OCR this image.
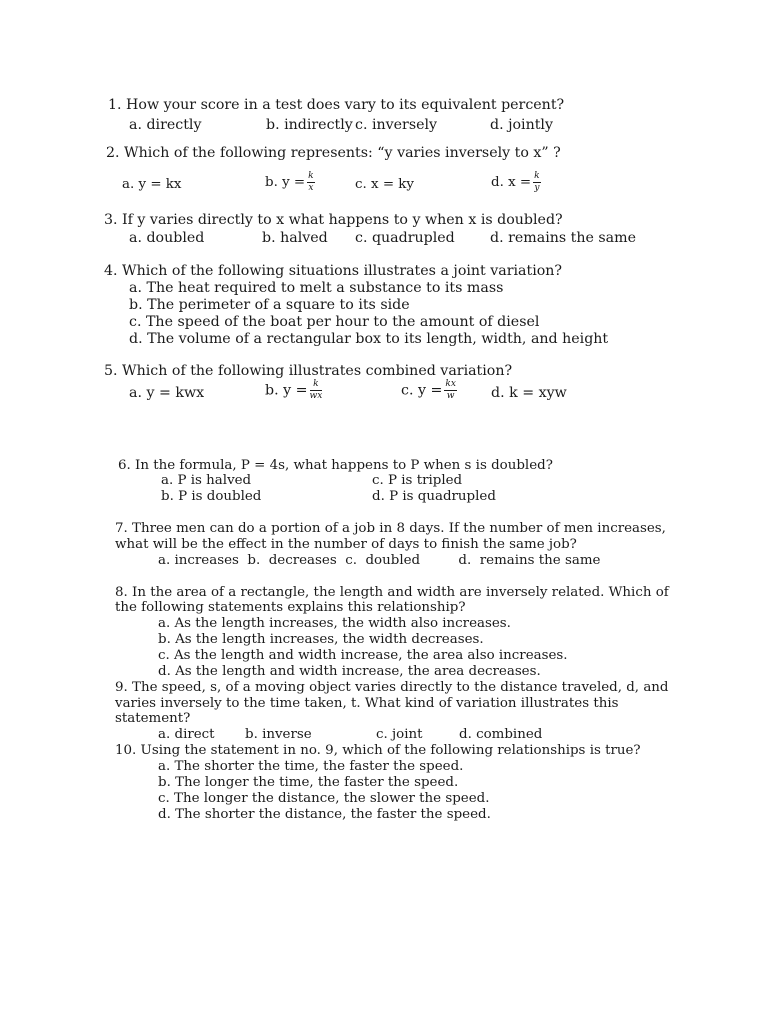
1. How your score in a test does vary to its equivalent percent?
a. directly	b. indirectly c. inversely	d. jointly
2. Which of the following represents: “y varies inversely to x” ?
a. y = kx	b. $y = \frac{k}{x}$	c. x = ky	d. $x = \frac{k}{y}$
3. If y varies directly to x what happens to y when x is doubled?
a. doubled	b. halved c. quadrupled d. remains the same
4. Which of the following situations illustrates a joint variation?
a. The heat required to melt a substance to its mass
b. The perimeter of a square to its side
c. The speed of the boat per hour to the amount of diesel
d. The volume of a rectangular box to its length, width, and height
5. Which of the following illustrates combined variation?
a. y = kwx	b. $y = \frac{k}{wx}$	c. $y = \frac{kx}{w} d$. k = xyw
6. In the formula, P = 4s, what happens to P when s is doubled?
a. P is halved
b. P is doubled
c. P is tripled
d. P is quadrupled
7. Three men can do a portion of a job in 8 days. If the number of men increases,
what will be the effect in the number of days to finish the same job?
a. increases  b.  decreases  c.  doubled         d.  remains the same
8. In the area of a rectangle, the length and width are inversely related. Which of
the following statements explains this relationship?
a. As the length increases, the width also increases.
b. As the length increases, the width decreases.
c. As the length and width increase, the area also increases.
d. As the length and width increase, the area decreases.
9. The speed, s, of a moving object varies directly to the distance traveled, d, and
varies inversely to the time taken, t. What kind of variation illustrates this
statement?
a. direct b. inverse	c. joint	d. combined
10. Using the statement in no. 9, which of the following relationships is true?
a. The shorter the time, the faster the speed.
b. The longer the time, the faster the speed.
c. The longer the distance, the slower the speed.
d. The shorter the distance, the faster the speed.
